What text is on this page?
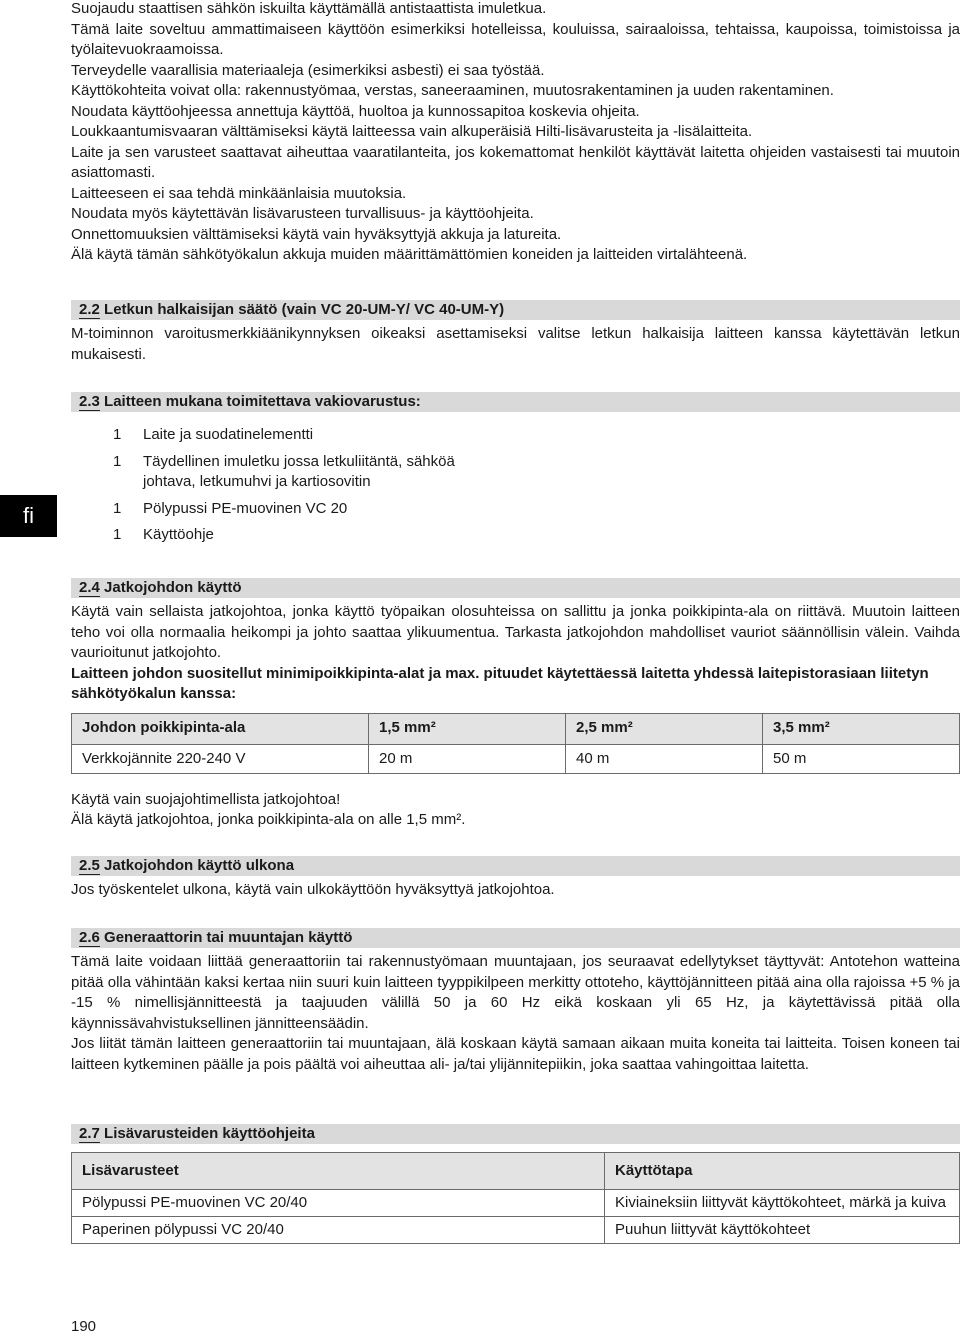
Suojaudu staattisen sähkön iskuilta käyttämällä antistaattista imuletkua.

Tämä laite soveltuu ammattimaiseen käyttöön esimerkiksi hotelleissa, kouluissa, sairaaloissa, tehtaissa, kaupoissa, toimistoissa ja työlaitevuokraamoissa.

Terveydelle vaarallisia materiaaleja (esimerkiksi asbesti) ei saa työstää.

Käyttökohteita voivat olla: rakennustyömaa, verstas, saneeraaminen, muutosrakentaminen ja uuden rakentaminen.

Noudata käyttöohjeessa annettuja käyttöä, huoltoa ja kunnossapitoa koskevia ohjeita.

Loukkaantumisvaaran välttämiseksi käytä laitteessa vain alkuperäisiä Hilti-lisävarusteita ja -lisälaitteita.

Laite ja sen varusteet saattavat aiheuttaa vaaratilanteita, jos kokemattomat henkilöt käyttävät laitetta ohjeiden vastaisesti tai muutoin asiattomasti.

Laitteeseen ei saa tehdä minkäänlaisia muutoksia.

Noudata myös käytettävän lisävarusteen turvallisuus- ja käyttöohjeita.

Onnettomuuksien välttämiseksi käytä vain hyväksyttyjä akkuja ja latureita.

Älä käytä tämän sähkötyökalun akkuja muiden määrittämättömien koneiden ja laitteiden virtalähteenä.

2.2 Letkun halkaisijan säätö (vain VC 20-UM-Y/ VC 40-UM-Y)

M-toiminnon varoitusmerkkiäänikynnyksen oikeaksi asettamiseksi valitse letkun halkaisija laitteen kanssa käytettävän letkun mukaisesti.

2.3 Laitteen mukana toimitettava vakiovarustus:
1	Laite ja suodatinelementti
1	Täydellinen imuletku jossa letkuliitäntä, sähköä johtava, letkumuhvi ja kartiosovitin
1	Pölypussi PE-muovinen VC 20
1	Käyttöohje
fi
2.4 Jatkojohdon käyttö

Käytä vain sellaista jatkojohtoa, jonka käyttö työpaikan olosuhteissa on sallittu ja jonka poikkipinta-ala on riittävä. Muutoin laitteen teho voi olla normaalia heikompi ja johto saattaa ylikuumentua. Tarkasta jatkojohdon mahdolliset vauriot säännöllisin välein. Vaihda vaurioitunut jatkojohto.

Laitteen johdon suositellut minimipoikkipinta-alat ja max. pituudet käytettäessä laitetta yhdessä laitepistorasiaan liitetyn sähkötyökalun kanssa:

Johdon poikkipinta-ala	1,5 mm²	2,5 mm²	3,5 mm²
Verkkojännite 220-240 V	20 m	40 m	50 m

Käytä vain suojajohtimellista jatkojohtoa!

Älä käytä jatkojohtoa, jonka poikkipinta-ala on alle 1,5 mm².

2.5 Jatkojohdon käyttö ulkona

Jos työskentelet ulkona, käytä vain ulkokäyttöön hyväksyttyä jatkojohtoa.

2.6 Generaattorin tai muuntajan käyttö

Tämä laite voidaan liittää generaattoriin tai rakennustyömaan muuntajaan, jos seuraavat edellytykset täyttyvät: Antotehon watteina pitää olla vähintään kaksi kertaa niin suuri kuin laitteen tyyppikilpeen merkitty ottoteho, käyttöjännitteen pitää aina olla rajoissa +5 % ja -15 % nimellisjännitteestä ja taajuuden välillä 50 ja 60 Hz eikä koskaan yli 65 Hz, ja käytettävissä pitää olla käynnissävahvistuksellinen jännitteensäädin.

Jos liität tämän laitteen generaattoriin tai muuntajaan, älä koskaan käytä samaan aikaan muita koneita tai laitteita. Toisen koneen tai laitteen kytkeminen päälle ja pois päältä voi aiheuttaa ali- ja/tai ylijännitepiikin, joka saattaa vahingoittaa laitetta.

2.7 Lisävarusteiden käyttöohjeita
Lisävarusteet	Käyttötapa
Pölypussi PE-muovinen VC 20/40	Kiviaineksiin liittyvät käyttökohteet, märkä ja kuiva
Paperinen pölypussi VC 20/40	Puuhun liittyvät käyttökohteet
190
